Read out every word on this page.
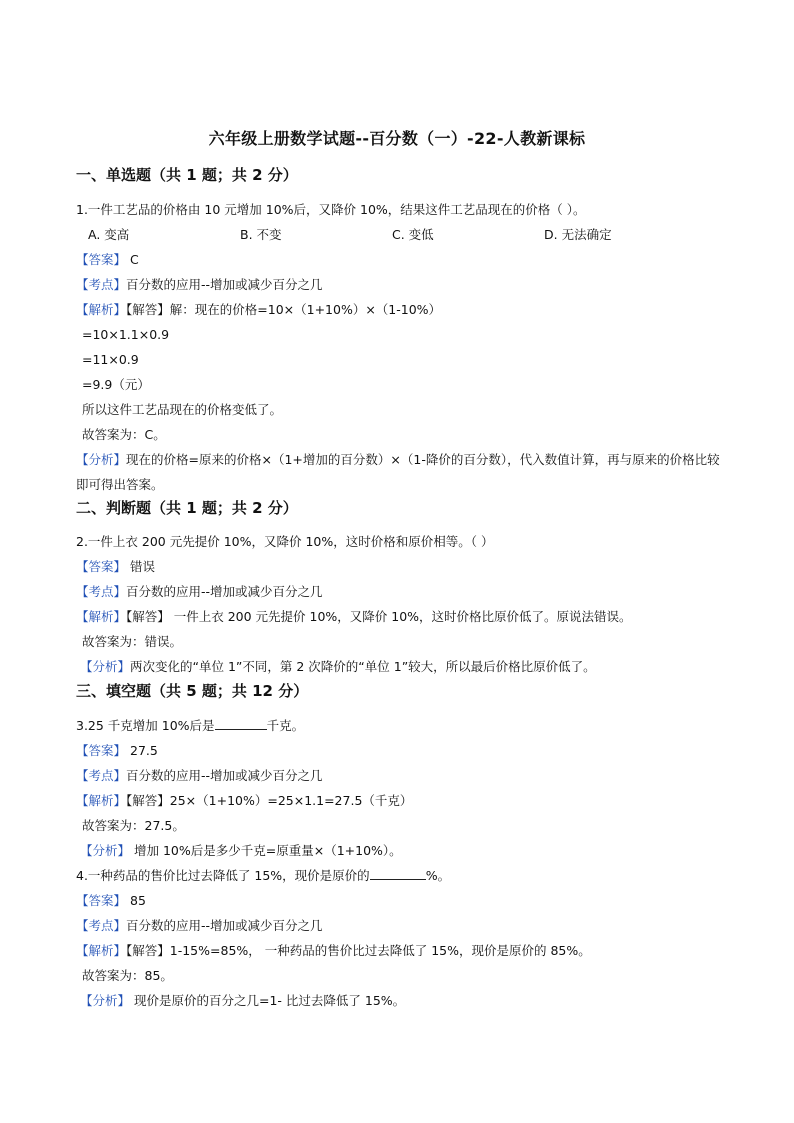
六年级上册数学试题--百分数（一）-22-人教新课标
一、单选题（共 1 题；共 2 分）
1.一件工艺品的价格由 10 元增加 10%后，又降价 10%，结果这件工艺品现在的价格（ ）。
A. 变高	B. 不变	C. 变低	D. 无法确定
【答案】 C
【考点】百分数的应用--增加或减少百分之几
【解析】【解答】解：现在的价格=10×（1+10%）×（1-10%）
=10×1.1×0.9
=11×0.9
=9.9（元）
所以这件工艺品现在的价格变低了。
故答案为：C。
【分析】现在的价格=原来的价格×（1+增加的百分数）×（1-降价的百分数），代入数值计算，再与原来的价格比较即可得出答案。
二、判断题（共 1 题；共 2 分）
2.一件上衣 200 元先提价 10%，又降价 10%，这时价格和原价相等。（ ）
【答案】 错误
【考点】百分数的应用--增加或减少百分之几
【解析】【解答】 一件上衣 200 元先提价 10%，又降价 10%，这时价格比原价低了。原说法错误。
故答案为：错误。
【分析】两次变化的“单位 1”不同，第 2 次降价的“单位 1”较大，所以最后价格比原价低了。
三、填空题（共 5 题；共 12 分）
3.25 千克增加 10%后是	千克。
【答案】 27.5
【考点】百分数的应用--增加或减少百分之几
【解析】【解答】25×（1+10%）=25×1.1=27.5（千克）
故答案为：27.5。
【分析】 增加 10%后是多少千克=原重量×（1+10%）。
4.一种药品的售价比过去降低了 15%，现价是原价的	%。
【答案】 85
【考点】百分数的应用--增加或减少百分之几
【解析】【解答】1-15%=85%， 一种药品的售价比过去降低了 15%，现价是原价的 85%。
故答案为：85。
【分析】 现价是原价的百分之几=1- 比过去降低了 15%。
